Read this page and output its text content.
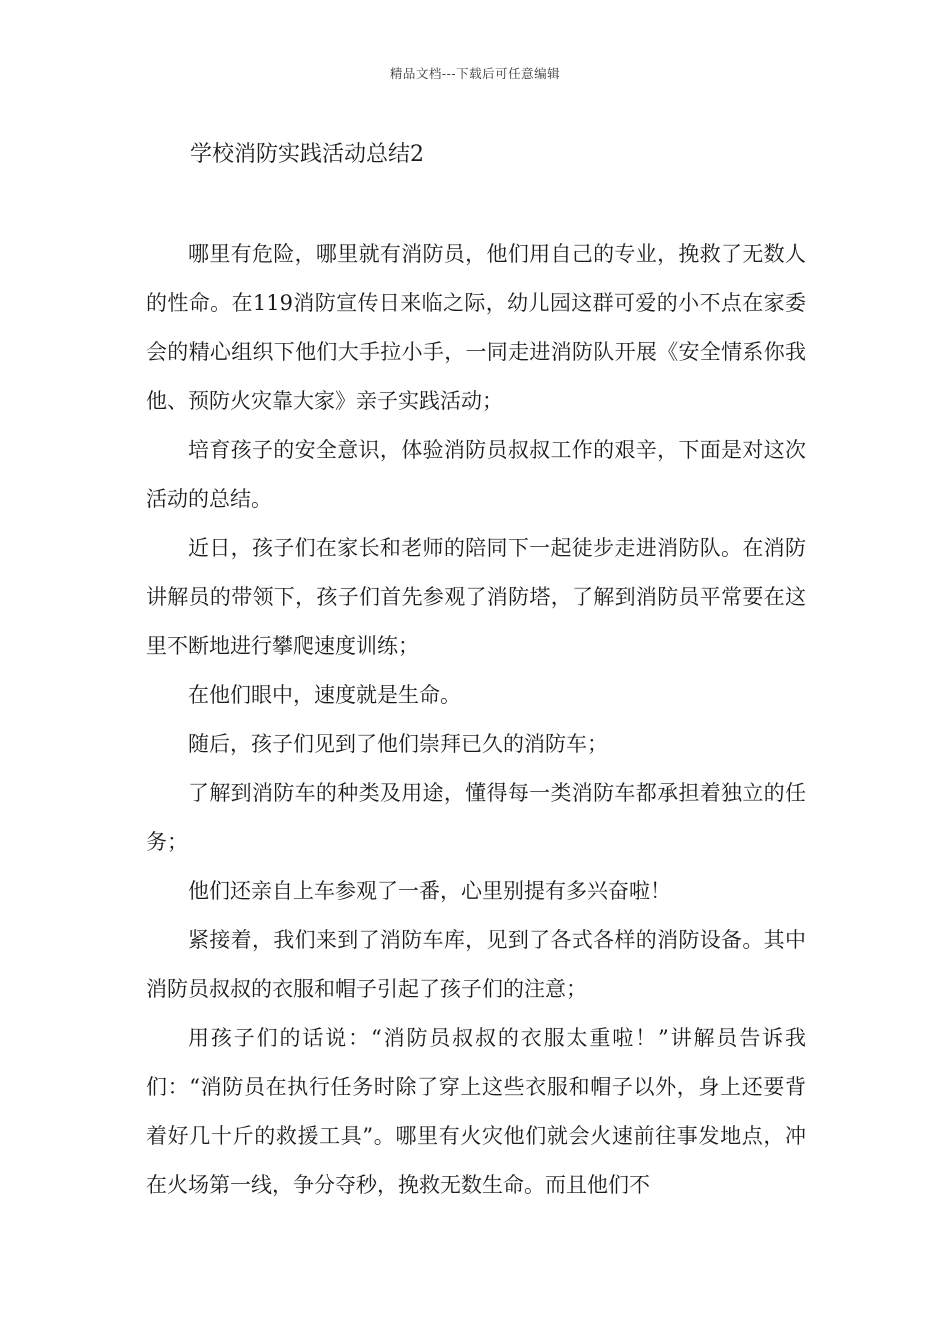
精品文档---下载后可任意编辑
学校消防实践活动总结2

哪里有危险，哪里就有消防员，他们用自己的专业，挽救了无数人的性命。在119消防宣传日来临之际，幼儿园这群可爱的小不点在家委会的精心组织下他们大手拉小手，一同走进消防队开展《安全情系你我他、预防火灾靠大家》亲子实践活动；

培育孩子的安全意识，体验消防员叔叔工作的艰辛，下面是对这次活动的总结。

近日，孩子们在家长和老师的陪同下一起徒步走进消防队。在消防讲解员的带领下，孩子们首先参观了消防塔，了解到消防员平常要在这里不断地进行攀爬速度训练；

在他们眼中，速度就是生命。

随后，孩子们见到了他们崇拜已久的消防车；

了解到消防车的种类及用途，懂得每一类消防车都承担着独立的任务；

他们还亲自上车参观了一番，心里别提有多兴奋啦！

紧接着，我们来到了消防车库，见到了各式各样的消防设备。其中消防员叔叔的衣服和帽子引起了孩子们的注意；

用孩子们的话说：“消防员叔叔的衣服太重啦！”讲解员告诉我们：“消防员在执行任务时除了穿上这些衣服和帽子以外，身上还要背着好几十斤的救援工具”。哪里有火灾他们就会火速前往事发地点，冲在火场第一线，争分夺秒，挽救无数生命。而且他们不
